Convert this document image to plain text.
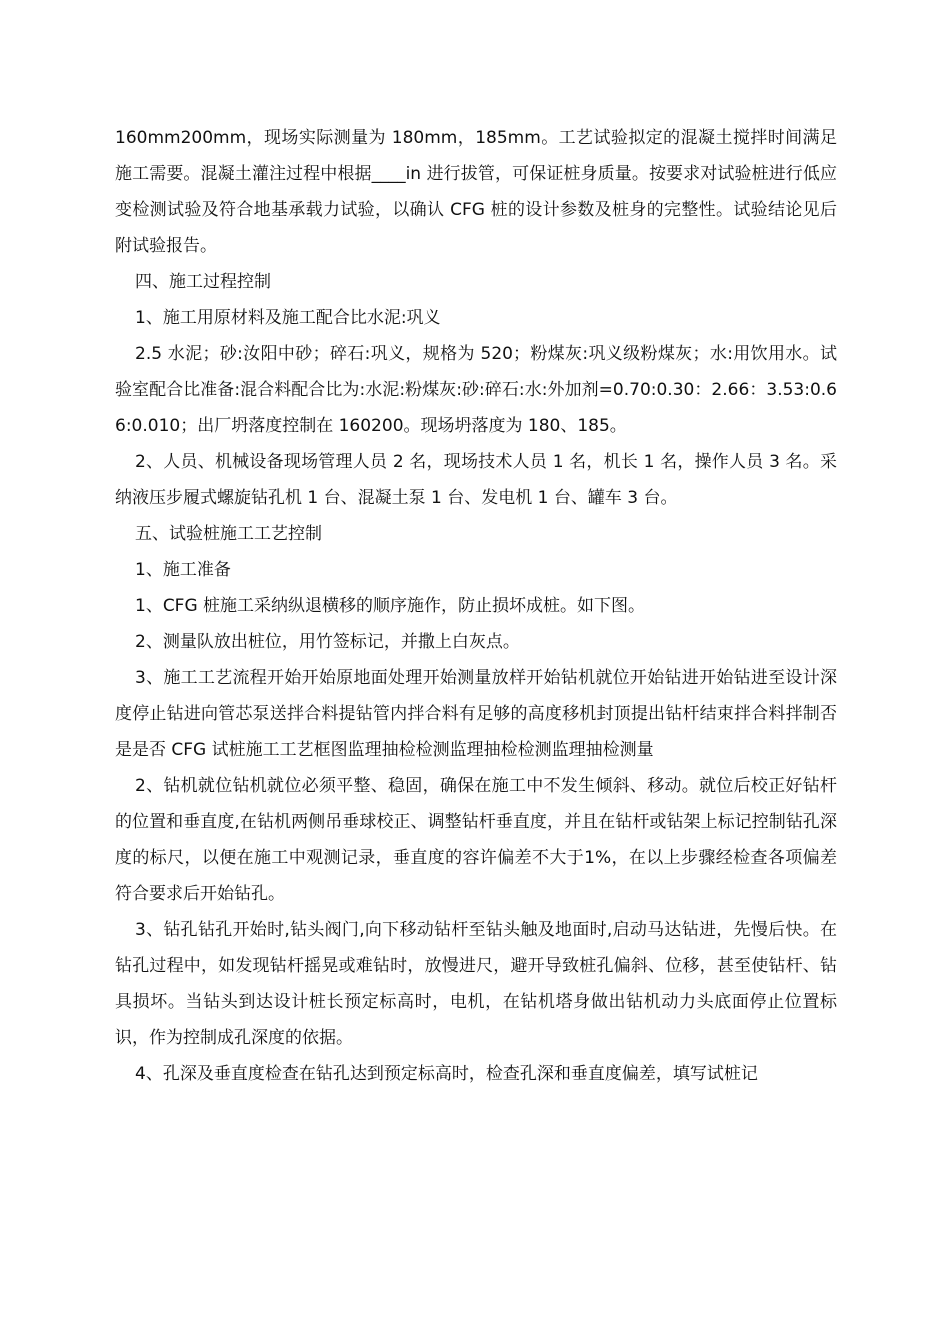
160mm200mm，现场实际测量为 180mm，185mm。工艺试验拟定的混凝土搅拌时间满足施工需要。混凝土灌注过程中根据____in 进行拔管，可保证桩身质量。按要求对试验桩进行低应变检测试验及符合地基承载力试验，以确认 CFG 桩的设计参数及桩身的完整性。试验结论见后附试验报告。

四、施工过程控制

1、施工用原材料及施工配合比水泥:巩义

2.5 水泥；砂:汝阳中砂；碎石:巩义，规格为 520；粉煤灰:巩义级粉煤灰；水:用饮用水。试验室配合比准备:混合料配合比为:水泥:粉煤灰:砂:碎石:水:外加剂=0.70:0.30：2.66：3.53:0.66:0.010；出厂坍落度控制在 160200。现场坍落度为 180、185。

2、人员、机械设备现场管理人员 2 名，现场技术人员 1 名，机长 1 名，操作人员 3 名。采纳液压步履式螺旋钻孔机 1 台、混凝土泵 1 台、发电机 1 台、罐车 3 台。

五、试验桩施工工艺控制

1、施工准备

1、CFG 桩施工采纳纵退横移的顺序施作，防止损坏成桩。如下图。

2、测量队放出桩位，用竹签标记，并撒上白灰点。

3、施工工艺流程开始开始原地面处理开始测量放样开始钻机就位开始钻进开始钻进至设计深度停止钻进向管芯泵送拌合料提钻管内拌合料有足够的高度移机封顶提出钻杆结束拌合料拌制否是是否 CFG 试桩施工工艺框图监理抽检检测监理抽检检测监理抽检测量

2、钻机就位钻机就位必须平整、稳固，确保在施工中不发生倾斜、移动。就位后校正好钻杆的位置和垂直度,在钻机两侧吊垂球校正、调整钻杆垂直度，并且在钻杆或钻架上标记控制钻孔深度的标尺，以便在施工中观测记录，垂直度的容许偏差不大于1%，在以上步骤经检查各项偏差符合要求后开始钻孔。

3、钻孔钻孔开始时,钻头阀门,向下移动钻杆至钻头触及地面时,启动马达钻进，先慢后快。在钻孔过程中，如发现钻杆摇晃或难钻时，放慢进尺，避开导致桩孔偏斜、位移，甚至使钻杆、钻具损坏。当钻头到达设计桩长预定标高时，电机，在钻机塔身做出钻机动力头底面停止位置标识，作为控制成孔深度的依据。

4、孔深及垂直度检查在钻孔达到预定标高时，检查孔深和垂直度偏差，填写试桩记
